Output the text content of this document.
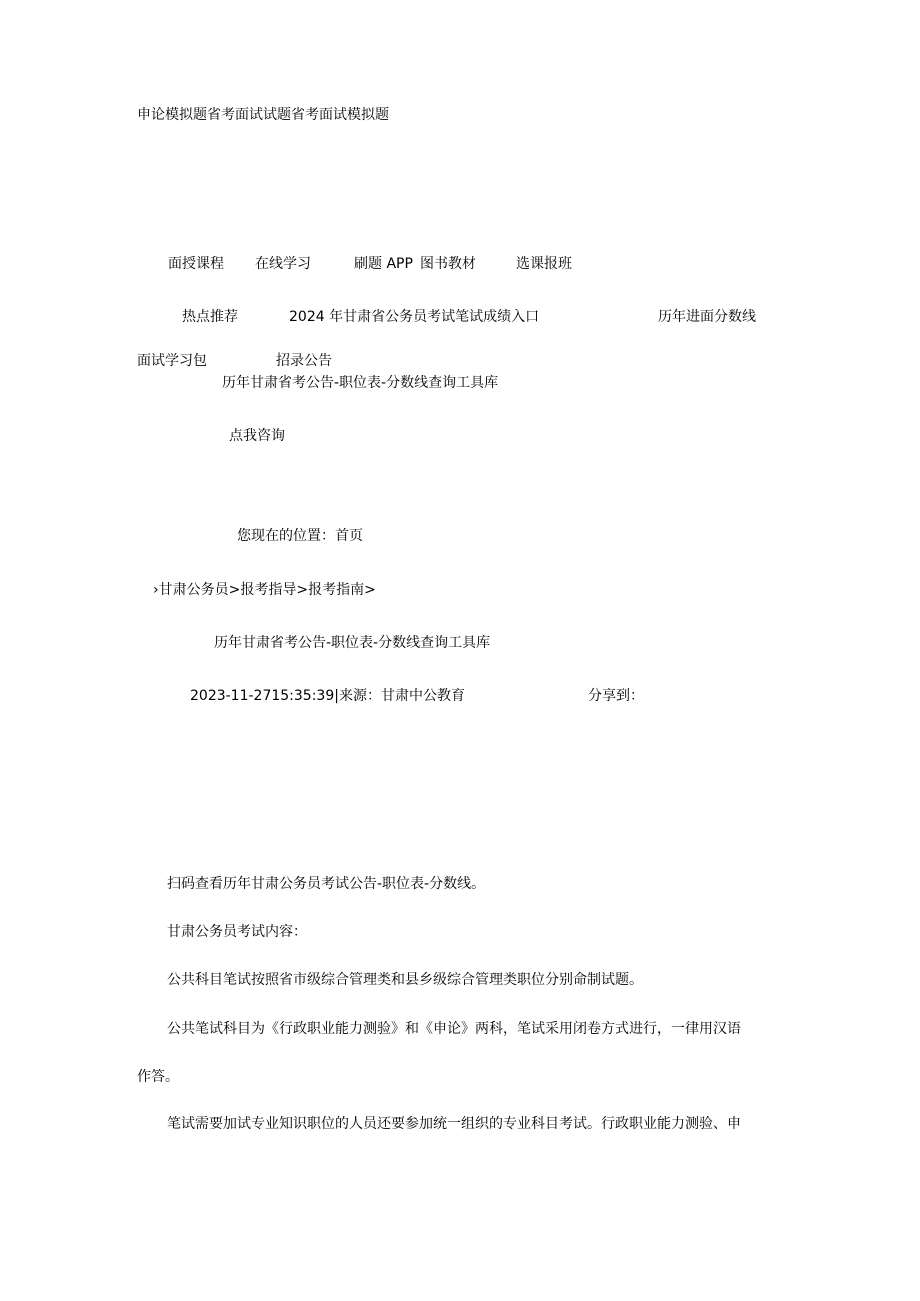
申论模拟题省考面试试题省考面试模拟题
面授课程 在线学习	刷题 APP 图书教材	选课报班
热点推荐	2024 年甘肃省公务员考试笔试成绩入口	历年进面分数线
面试学习包	招录公告
历年甘肃省考公告-职位表-分数线查询工具库
点我咨询
您现在的位置：首页
›甘肃公务员>报考指导>报考指南>
历年甘肃省考公告-职位表-分数线查询工具库
2023-11-2715:35:39|来源：甘肃中公教育	分享到：
扫码查看历年甘肃公务员考试公告-职位表-分数线。
甘肃公务员考试内容：
公共科目笔试按照省市级综合管理类和县乡级综合管理类职位分别命制试题。
公共笔试科目为《行政职业能力测验》和《申论》两科，笔试采用闭卷方式进行，一律用汉语
作答。
笔试需要加试专业知识职位的人员还要参加统一组织的专业科目考试。行政职业能力测验、申
